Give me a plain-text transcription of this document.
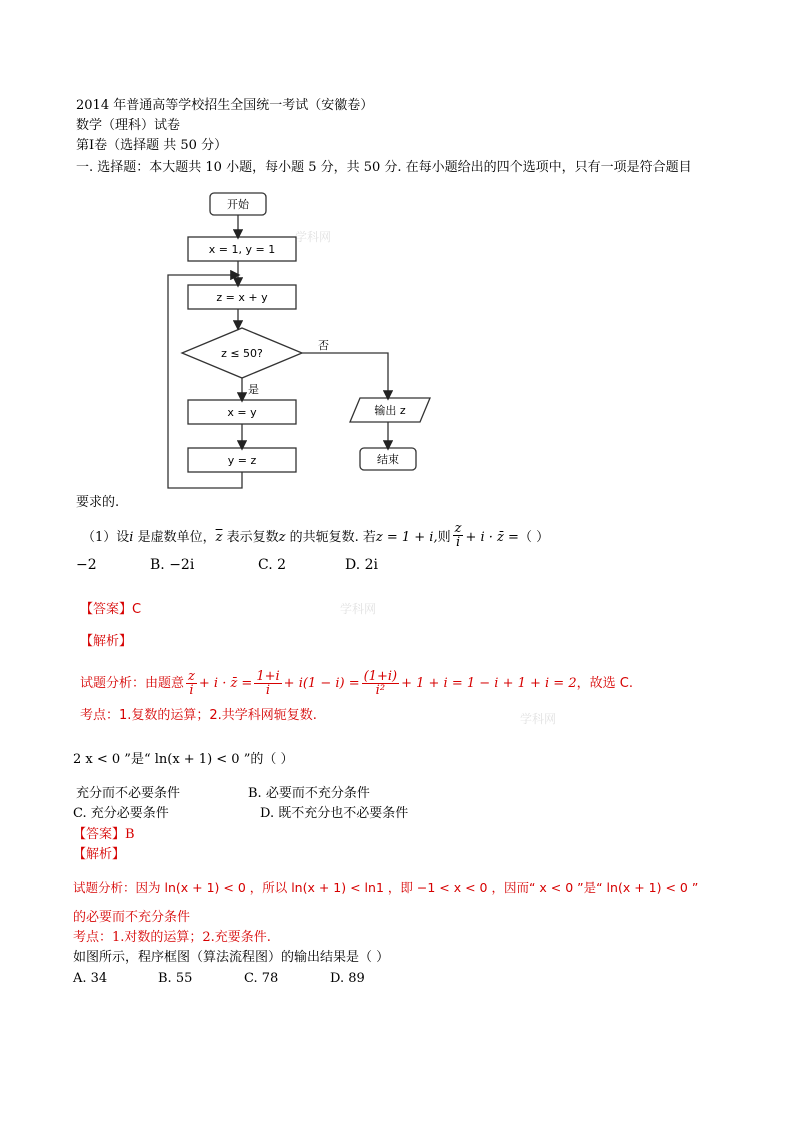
学科网
学科网
学科网
2014 年普通高等学校招生全国统一考试（安徽卷）
数学（理科）试卷
第Ⅰ卷（选择题 共 50 分）
一. 选择题：本大题共 10 小题，每小题 5 分，共 50 分. 在每小题给出的四个选项中，只有一项是符合题目
开始
x = 1, y = 1
z = x + y
z ≤ 50?
x = y
y = z
输出 z
结束
否
是
要求的.
（1）设i 是虚数单位，$\overline{z}$ 表示复数z 的共轭复数. 若z = 1 + i,则 $\frac{z}{i} + i$ · z̄ =（ ）
−2	B. −2i	C. 2	D. 2i
【答案】C
【解析】
试题分析：由题意 $\frac{z}{i} + i$ · z̄ = $\frac{1+i}{i} + i(1 - i) = \frac{(1+i)}{\text{i²}} + 1 + i = 1 - i + 1 + i = 2$，故选 C.
考点：1.复数的运算；2.共学科网轭复数.
2 x < 0 ”是“ ln(x + 1) < 0 ”的（ ）
充分而不必要条件	B. 必要而不充分条件
C. 充分必要条件	D. 既不充分也不必要条件
【答案】B
【解析】
试题分析：因为 ln(x + 1) < 0 ，所以 ln(x + 1) < ln1 ，即 −1 < x < 0 ，因而“ x < 0 ”是“ ln(x + 1) < 0 ”
的必要而不充分条件
考点：1.对数的运算；2.充要条件.
如图所示，程序框图（算法流程图）的输出结果是（ ）
A. 34	B. 55	C. 78	D. 89
